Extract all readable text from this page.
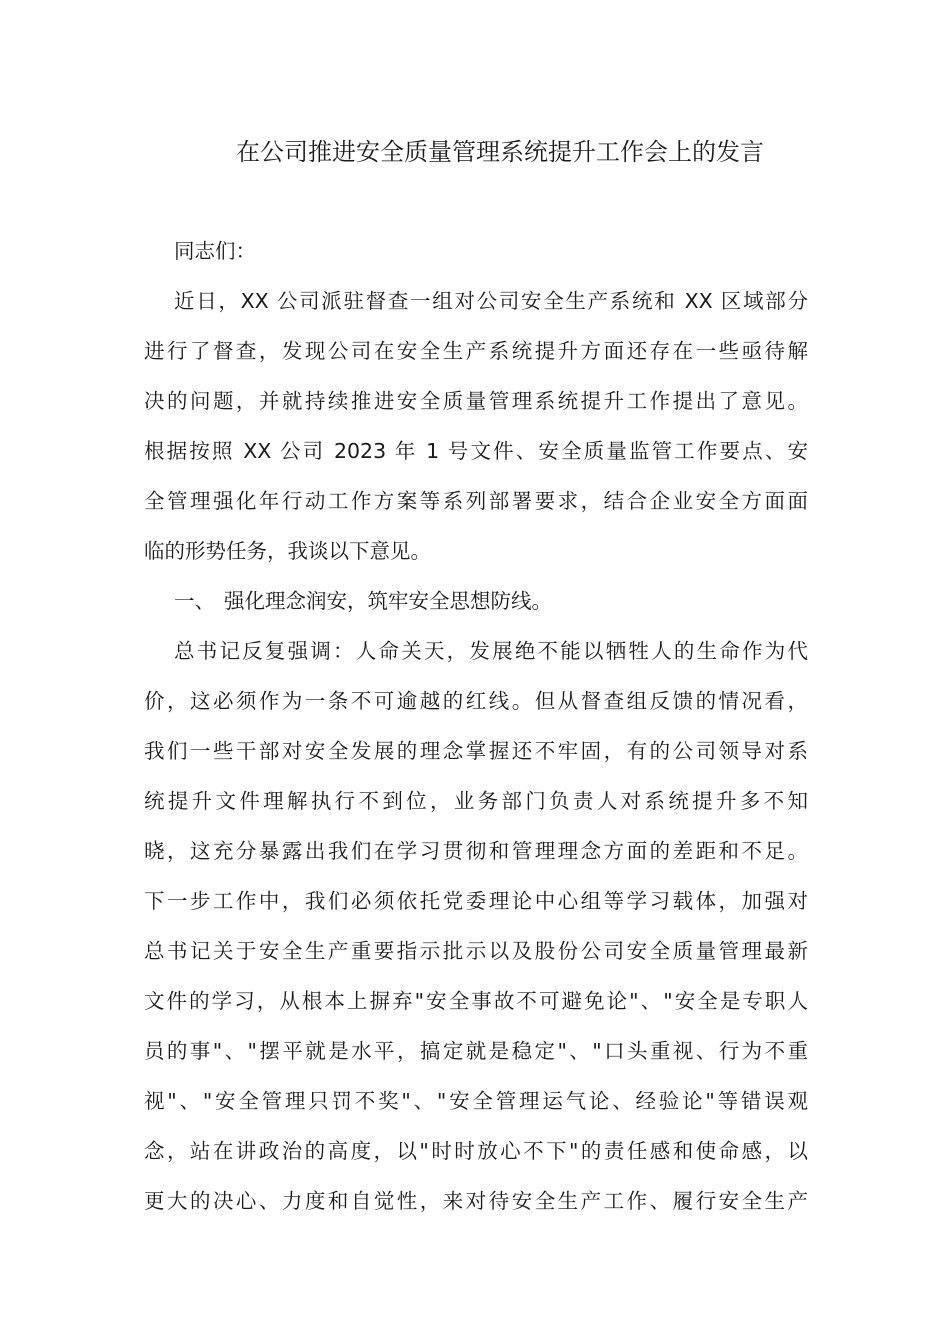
在公司推进安全质量管理系统提升工作会上的发言
同志们：
近日，XX 公司派驻督查一组对公司安全生产系统和 XX 区域部分
进行了督查，发现公司在安全生产系统提升方面还存在一些亟待解
决的问题，并就持续推进安全质量管理系统提升工作提出了意见。
根据按照 XX 公司 2023 年 1 号文件、安全质量监管工作要点、安
全管理强化年行动工作方案等系列部署要求，结合企业安全方面面
临的形势任务，我谈以下意见。
一、 强化理念润安，筑牢安全思想防线。
总书记反复强调：人命关天，发展绝不能以牺牲人的生命作为代
价，这必须作为一条不可逾越的红线。但从督查组反馈的情况看，
我们一些干部对安全发展的理念掌握还不牢固，有的公司领导对系
统提升文件理解执行不到位，业务部门负责人对系统提升多不知
晓，这充分暴露出我们在学习贯彻和管理理念方面的差距和不足。
下一步工作中，我们必须依托党委理论中心组等学习载体，加强对
总书记关于安全生产重要指示批示以及股份公司安全质量管理最新
文件的学习，从根本上摒弃"安全事故不可避免论"、"安全是专职人
员的事"、"摆平就是水平，搞定就是稳定"、"口头重视、行为不重
视"、"安全管理只罚不奖"、"安全管理运气论、经验论"等错误观
念，站在讲政治的高度，以"时时放心不下"的责任感和使命感，以
更大的决心、力度和自觉性，来对待安全生产工作、履行安全生产
